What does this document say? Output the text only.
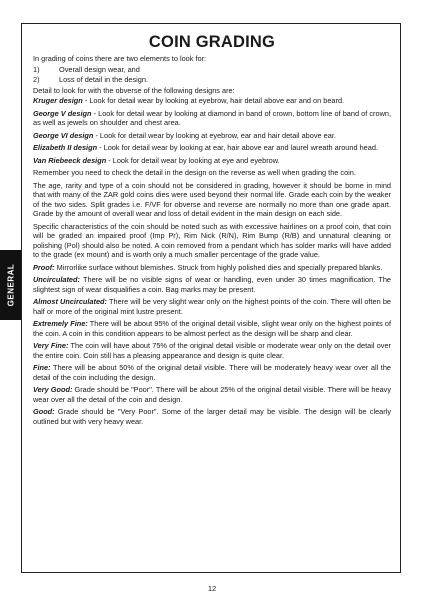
GENERAL
COIN GRADING

In grading of coins there are two elements to look for:

1)	Overall design wear, and
2)	Loss of detail in the design.

Detail to look for with the obverse of the following designs are:

Kruger design - Look for detail wear by looking at eyebrow, hair detail above ear and on beard.

George V design - Look for detail wear by looking at diamond in band of crown, bottom line of band of crown, as well as jewels on shoulder and chest area.

George VI design - Look for detail wear by looking at eyebrow, ear and hair detail above ear.

Elizabeth II design - Look for detail wear by looking at ear, hair above ear and laurel wreath around head.

Van Riebeeck design - Look for detail wear by looking at eye and eyebrow.

Remember you need to check the detail in the design on the reverse as well when grading the coin.

The age, rarity and type of a coin should not be considered in grading, however it should be borne in mind that with many of the ZAR gold coins dies were used beyond their normal life. Grade each coin by the weaker of the two sides. Split grades i.e. F/VF for obverse and reverse are normally no more than one grade apart. Grade by the amount of overall wear and loss of detail evident in the main design on each side.

Specific characteristics of the coin should be noted such as with excessive hairlines on a proof coin, that coin will be graded an impaired proof (Imp Pr), Rim Nick (R/N), Rim Bump (R/B) and unnatural cleaning or polishing (Pol) should also be noted. A coin removed from a pendant which has solder marks will have added to the grade (ex mount) and is worth only a much smaller percentage of the grade value.

Proof: Mirrorlike surface without blemishes. Struck from highly polished dies and specially prepared blanks.

Uncirculated: There will be no visible signs of wear or handling, even under 30 times magnification. The slightest sign of wear disqualifies a coin. Bag marks may be present.

Almost Uncirculated: There will be very slight wear only on the highest points of the coin. There will often be half or more of the original mint lustre present.

Extremely Fine: There will be about 95% of the original detail visible, slight wear only on the highest points of the coin. A coin in this condition appears to be almost perfect as the design will be sharp and clear.

Very Fine: The coin will have about 75% of the original detail visible or moderate wear only on the detail over the entire coin. Coin still has a pleasing appearance and design is quite clear.

Fine: There will be about 50% of the original detail visible. There will be moderately heavy wear over all the detail of the coin including the design.

Very Good: Grade should be "Poor". There will be about 25% of the original detail visible. There will be heavy wear over all the detail of the coin and design.

Good: Grade should be "Very Poor". Some of the larger detail may be visible. The design will be clearly outlined but with very heavy wear.

12
